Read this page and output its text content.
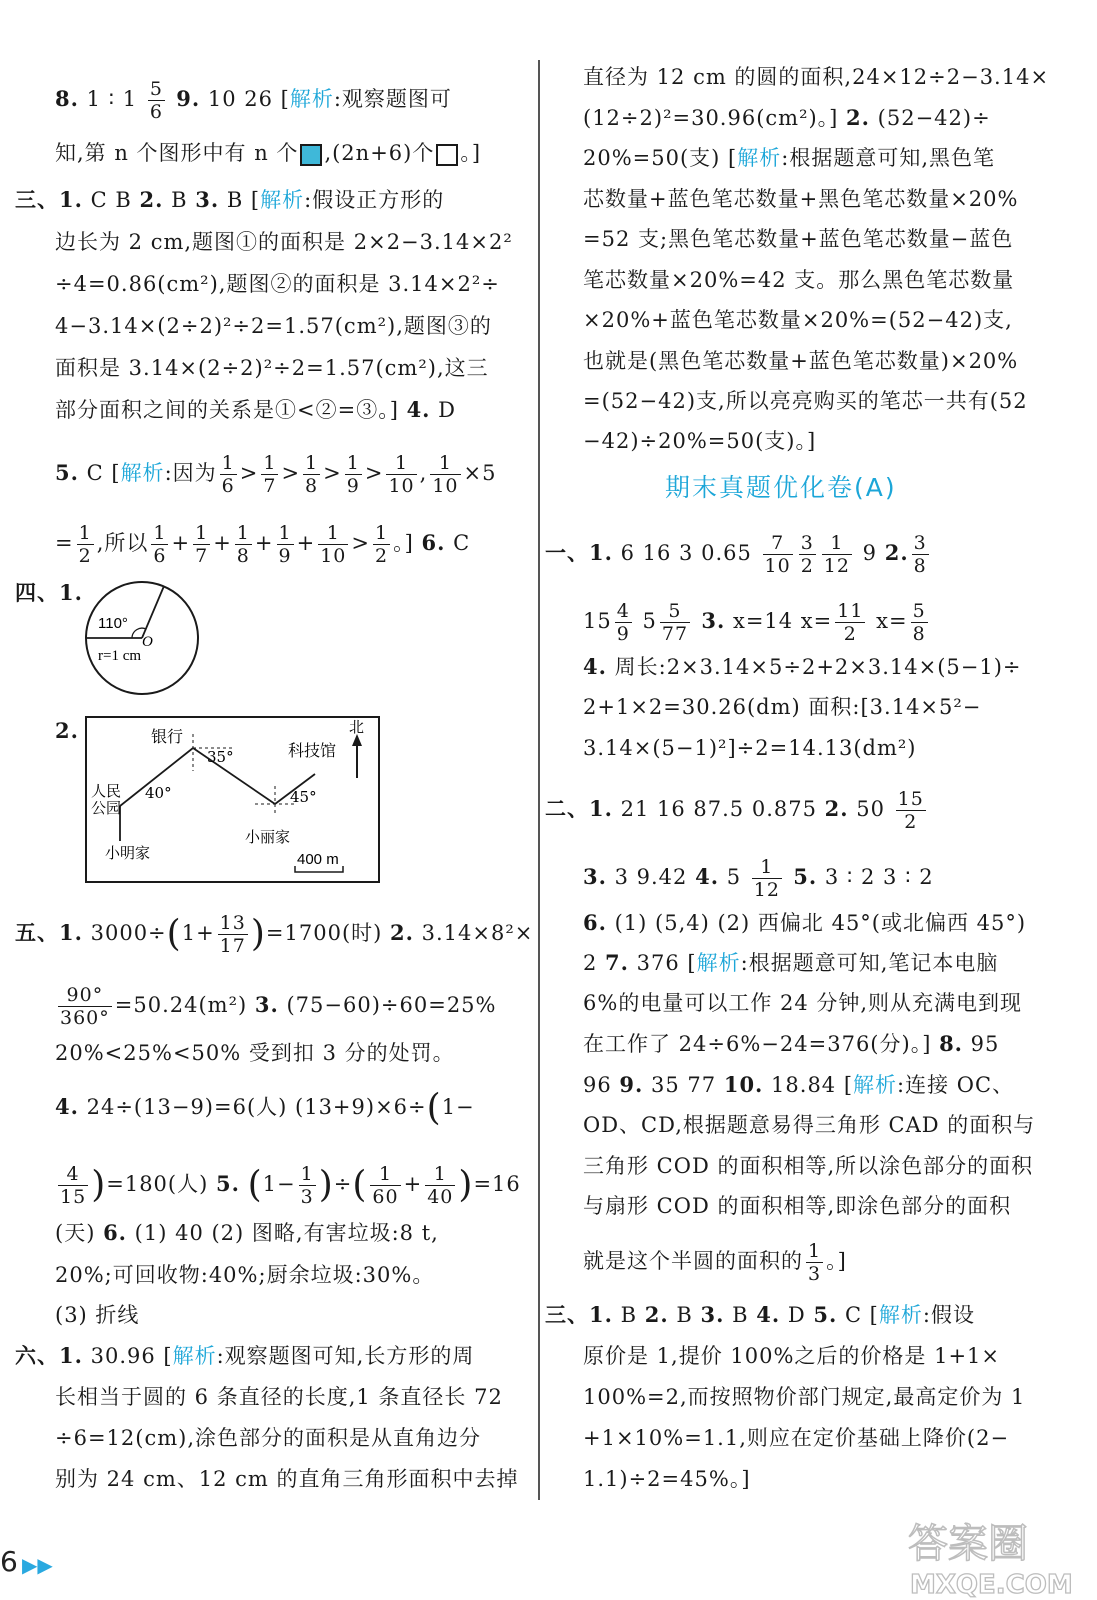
8. 1 ∶ $1 \frac{5}{6} 9$. 10 26 [解析:观察题图可
知,第 n 个图形中有 n 个 ,(2n+6)个 。]
三、1. C B 2. B 3. B [解析:假设正方形的
边长为 2 cm,题图①的面积是 2×2−3.14×2²
÷4=0.86(cm²),题图②的面积是 3.14×2²÷
4−3.14×(2÷2)²÷2=1.57(cm²),题图③的
面积是 3.14×(2÷2)²÷2=1.57(cm²),这三
部分面积之间的关系是①<②=③。] 4. D
5. C [解析:因为 $\frac{1}{6} > \frac{1}{7} > \frac{1}{8} > \frac{1}{9} > \frac{1}{10}$ , $\frac{1}{10} \times 5$
= $\frac{1}{2}$ ,所以 $\frac{1}{6} + \frac{1}{7} + \frac{1}{8} + \frac{1}{9} + \frac{1}{10} > \frac{1}{2}$ 。] 6. C
四、1.
110°
O
r=1 cm
2.	北
银行
35°
人民
公园
40°
科技馆
45°
小丽家
小明家	400 m
五、1. $3000\div(1+ \frac{13}{17} )=1700$(时) 2. 3.14×8²×
$\frac{90^\circ}{360^\circ} =50.24(m^2)$ 3. (75−60)÷60=25%
20%<25%<50% 受到扣 3 分的处罚。
4. 24÷(13−9)=6(人) (13+9)×6÷(1−
$\frac{4}{15} )=180$(人) 5. ($1- \frac{1}{3}$ )÷( $\frac{1}{60} + \frac{1}{40} )=16$
(天) 6. (1) 40 (2) 图略,有害垃圾:8 t,
20%;可回收物:40%;厨余垃圾:30%。
(3) 折线
六、1. 30.96 [解析:观察题图可知,长方形的周
长相当于圆的 6 条直径的长度,1 条直径长 72
÷6=12(cm),涂色部分的面积是从直角边分
别为 24 cm、12 cm 的直角三角形面积中去掉
直径为 12 cm 的圆的面积,24×12÷2−3.14×
(12÷2)²=30.96(cm²)。] 2. (52−42)÷
20%=50(支) [解析:根据题意可知,黑色笔
芯数量+蓝色笔芯数量+黑色笔芯数量×20%
=52 支;黑色笔芯数量+蓝色笔芯数量−蓝色
笔芯数量×20%=42 支。那么黑色笔芯数量
×20%+蓝色笔芯数量×20%=(52−42)支,
也就是(黑色笔芯数量+蓝色笔芯数量)×20%
=(52−42)支,所以亮亮购买的笔芯一共有(52
−42)÷20%=50(支)。]
期末真题优化卷(A)
一、1. 6 16 3 $0.65 \frac{7}{10} \frac{3}{2} \frac{1}{12} 9$ 2. $\frac{3}{8}$
$15 \frac{4}{9} 5 \frac{5}{77} 3$. x=14 $x= \frac{11}{2} x= \frac{5}{8}$
4. 周长:2×3.14×5÷2+2×3.14×(5−1)÷
2+1×2=30.26(dm) 面积:[3.14×5²−
3.14×(5−1)²]÷2=14.13(dm²)
二、1. 21 16 87.5 0.875 2. $50 \frac{15}{2}$
3. 3 9.42 4. $5 \frac{1}{12} 5$. 3 ∶ 2 3 ∶ 2
6. (1) (5,4) (2) 西偏北 45°(或北偏西 45°)
2 7. 376 [解析:根据题意可知,笔记本电脑
6%的电量可以工作 24 分钟,则从充满电到现
在工作了 24÷6%−24=376(分)。] 8. 95
96 9. 35 77 10. 18.84 [解析:连接 OC、
OD、CD,根据题意易得三角形 CAD 的面积与
三角形 COD 的面积相等,所以涂色部分的面积
与扇形 COD 的面积相等,即涂色部分的面积
就是这个半圆的面积的 $\frac{1}{3}$ 。]
三、1. B 2. B 3. B 4. D 5. C [解析:假设
原价是 1,提价 100%之后的价格是 1+1×
100%=2,而按照物价部门规定,最高定价为 1
+1×10%=1.1,则应在定价基础上降价(2−
1.1)÷2=45%。]
6 ▶▶	答案圈
MXQE.COM
